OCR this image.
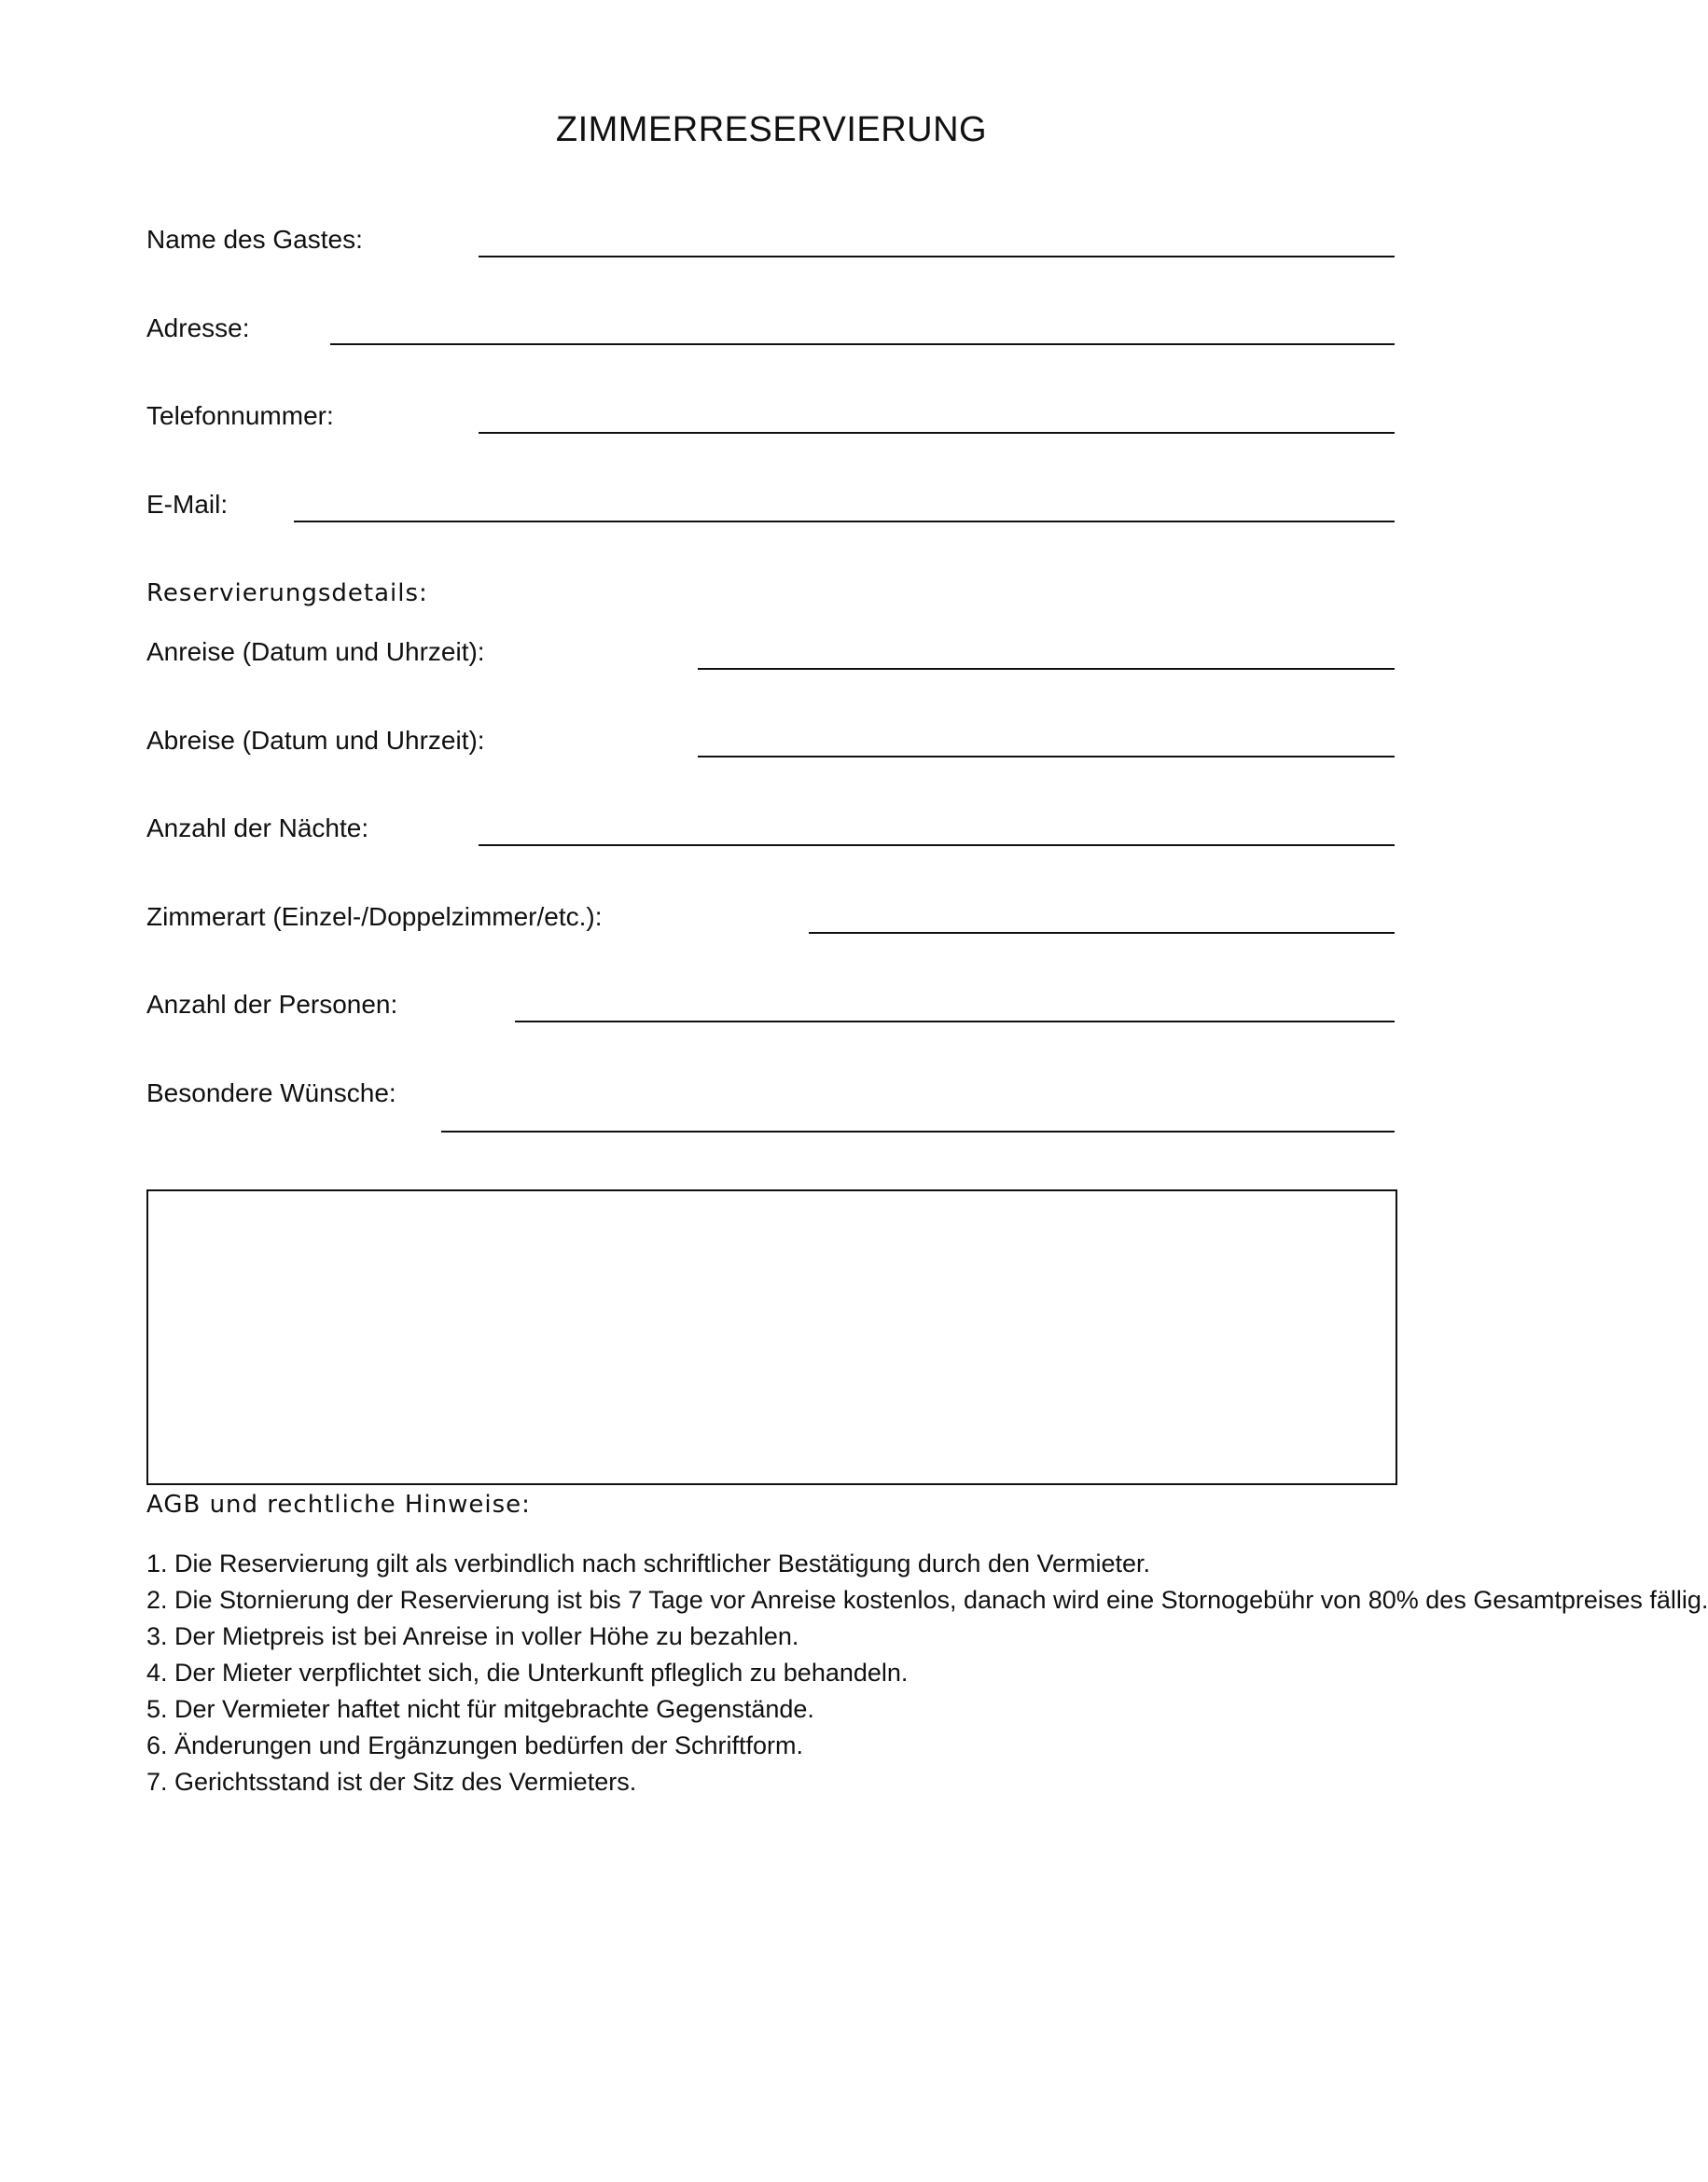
ZIMMERRESERVIERUNG
Name des Gastes:
Adresse:
Telefonnummer:
E-Mail:
Reservierungsdetails:
Anreise (Datum und Uhrzeit):
Abreise (Datum und Uhrzeit):
Anzahl der Nächte:
Zimmerart (Einzel-/Doppelzimmer/etc.):
Anzahl der Personen:
Besondere Wünsche:
AGB und rechtliche Hinweise:
1. Die Reservierung gilt als verbindlich nach schriftlicher Bestätigung durch den Vermieter.
2. Die Stornierung der Reservierung ist bis 7 Tage vor Anreise kostenlos, danach wird eine Stornogebühr von 80% des Gesamtpreises fällig.
3. Der Mietpreis ist bei Anreise in voller Höhe zu bezahlen.
4. Der Mieter verpflichtet sich, die Unterkunft pfleglich zu behandeln.
5. Der Vermieter haftet nicht für mitgebrachte Gegenstände.
6. Änderungen und Ergänzungen bedürfen der Schriftform.
7. Gerichtsstand ist der Sitz des Vermieters.
